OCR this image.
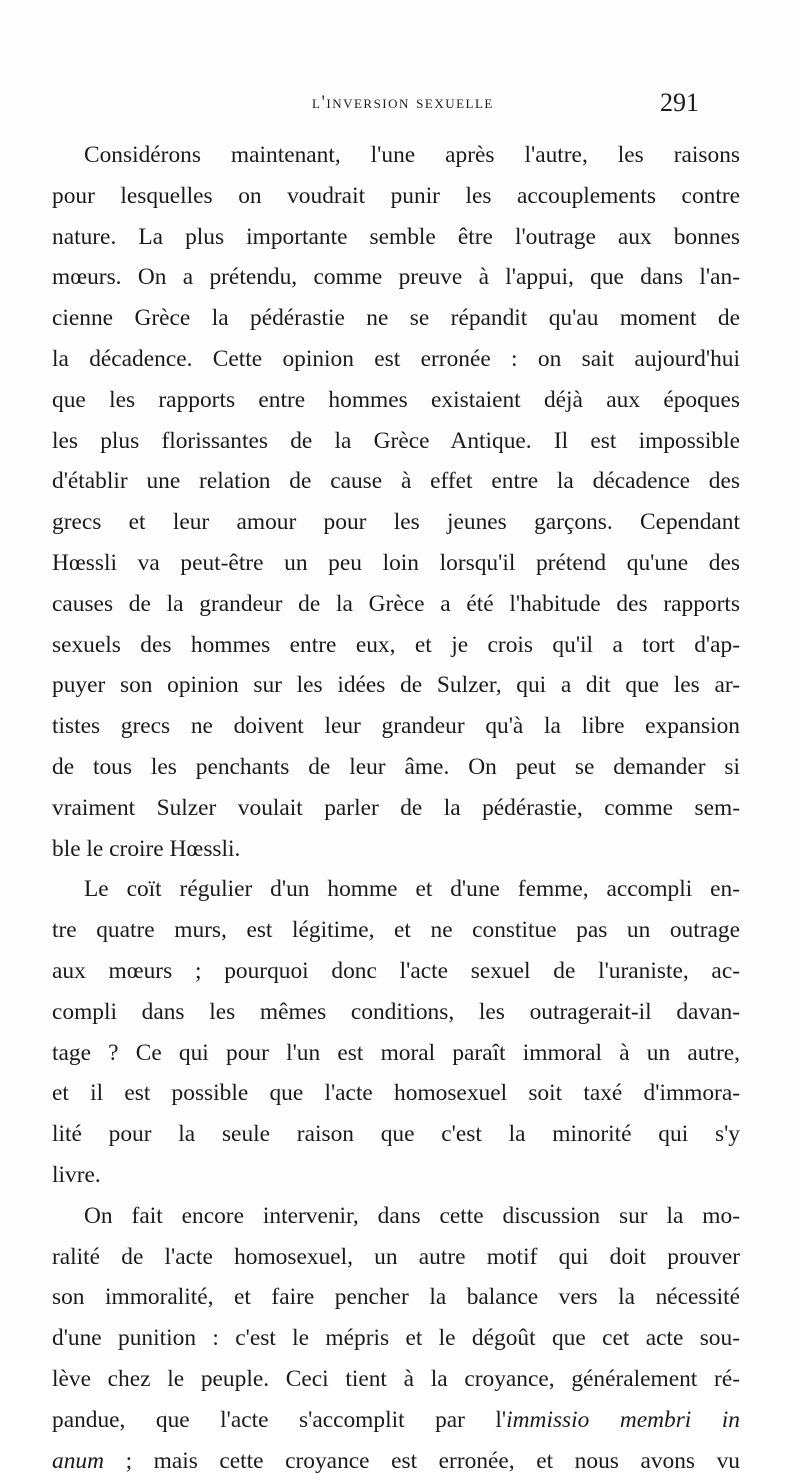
l'inversion sexuelle	291
Considérons maintenant, l'une après l'autre, les raisons
pour lesquelles on voudrait punir les accouplements contre
nature. La plus importante semble être l'outrage aux bonnes
mœurs. On a prétendu, comme preuve à l'appui, que dans l'an-
cienne Grèce la pédérastie ne se répandit qu'au moment de
la décadence. Cette opinion est erronée : on sait aujourd'hui
que les rapports entre hommes existaient déjà aux époques
les plus florissantes de la Grèce Antique. Il est impossible
d'établir une relation de cause à effet entre la décadence des
grecs et leur amour pour les jeunes garçons. Cependant
Hœssli va peut-être un peu loin lorsqu'il prétend qu'une des
causes de la grandeur de la Grèce a été l'habitude des rapports
sexuels des hommes entre eux, et je crois qu'il a tort d'ap-
puyer son opinion sur les idées de Sulzer, qui a dit que les ar-
tistes grecs ne doivent leur grandeur qu'à la libre expansion
de tous les penchants de leur âme. On peut se demander si
vraiment Sulzer voulait parler de la pédérastie, comme sem-
ble le croire Hœssli.
Le coït régulier d'un homme et d'une femme, accompli en-
tre quatre murs, est légitime, et ne constitue pas un outrage
aux mœurs ; pourquoi donc l'acte sexuel de l'uraniste, ac-
compli dans les mêmes conditions, les outragerait-il davan-
tage ? Ce qui pour l'un est moral paraît immoral à un autre,
et il est possible que l'acte homosexuel soit taxé d'immora-
lité pour la seule raison que c'est la minorité qui s'y
livre.
On fait encore intervenir, dans cette discussion sur la mo-
ralité de l'acte homosexuel, un autre motif qui doit prouver
son immoralité, et faire pencher la balance vers la nécessité
d'une punition : c'est le mépris et le dégoût que cet acte sou-
lève chez le peuple. Ceci tient à la croyance, généralement ré-
pandue, que l'acte s'accomplit par l'immissio membri in
anum ; mais cette croyance est erronée, et nous avons vu
